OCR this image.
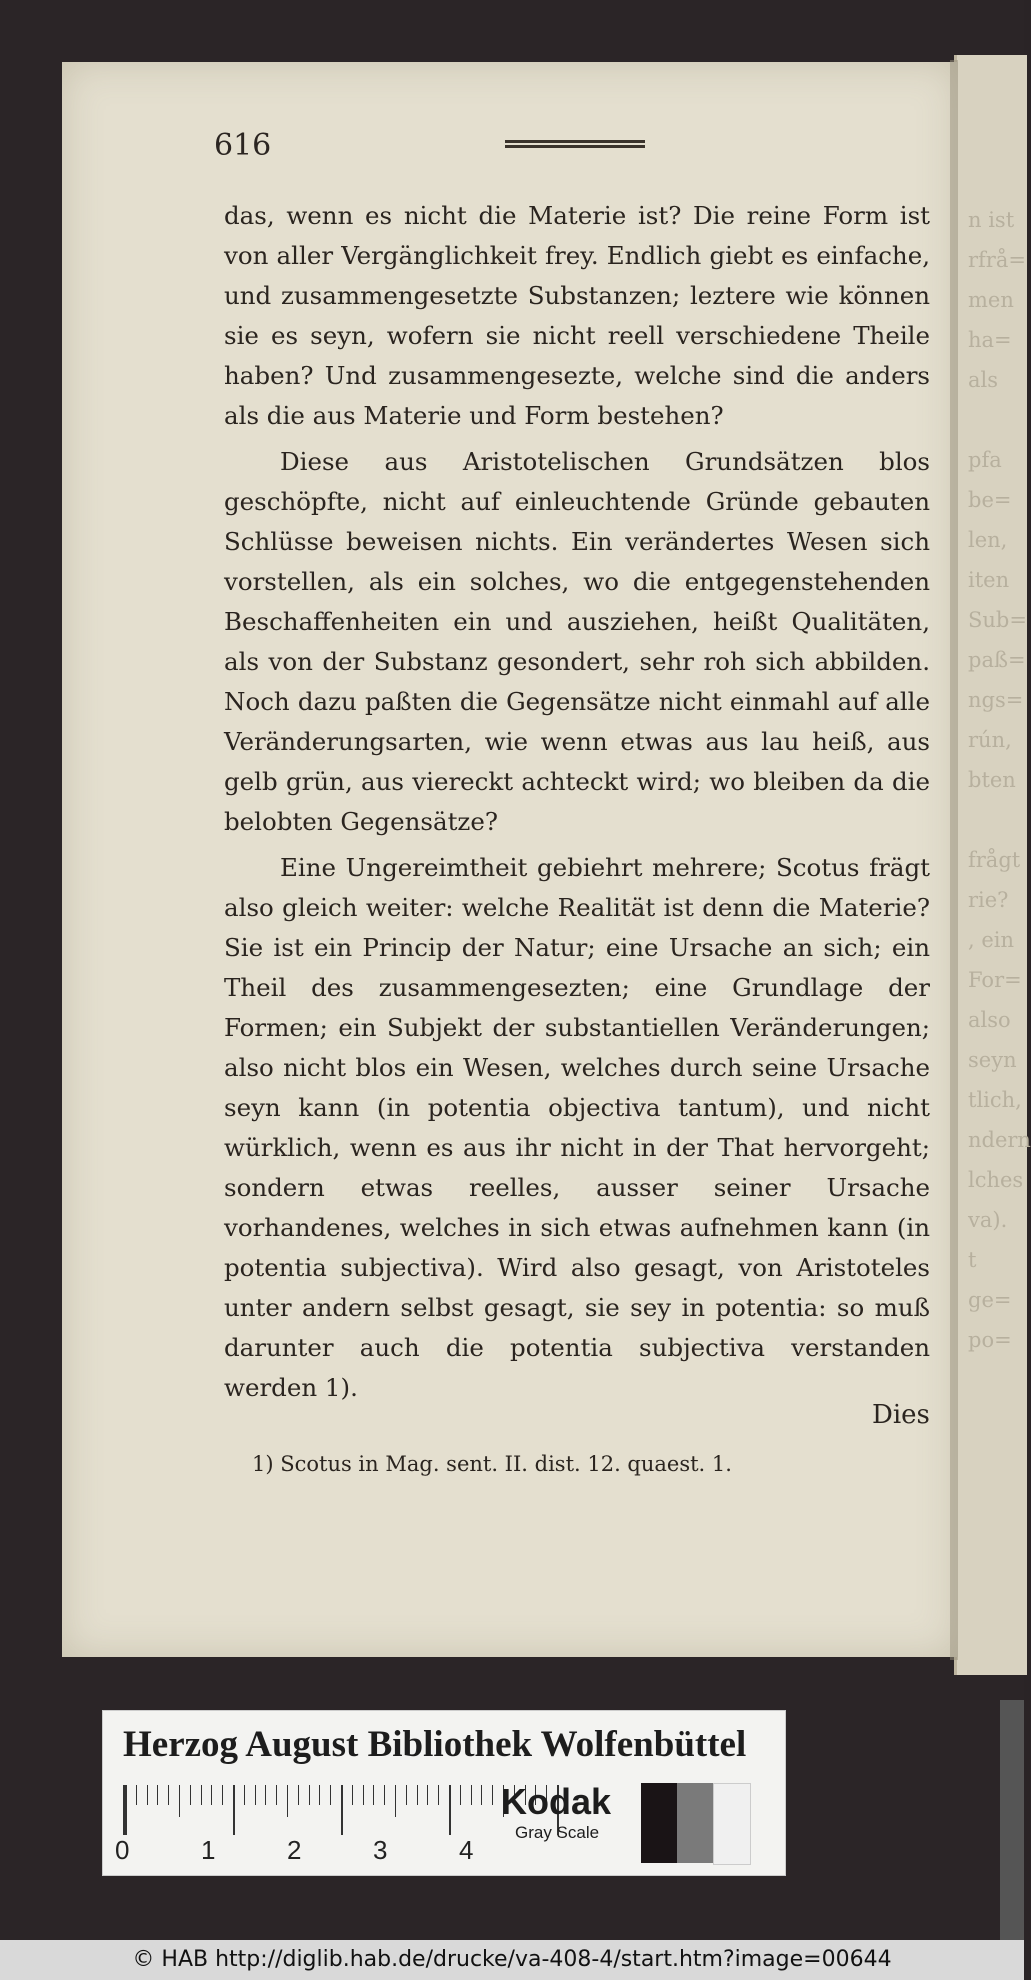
n ist
rfrå=
men
ha=
als

pfa
be=
len,
iten
Sub=
paß=
ngs=
rún,
bten

frågt
rie?
, ein
For=
also
seyn
tlich,
ndern
lches
va).
t ge=
po=
616

das, wenn es nicht die Materie ist? Die reine Form ist von aller Vergänglichkeit frey. Endlich giebt es einfache, und zusammengesetzte Substanzen; leztere wie können sie es seyn, wofern sie nicht reell verschiedene Theile haben? Und zusammengesezte, welche sind die anders als die aus Materie und Form bestehen?

Diese aus Aristotelischen Grundsätzen blos geschöpfte, nicht auf einleuchtende Gründe gebauten Schlüsse beweisen nichts. Ein verändertes Wesen sich vorstellen, als ein solches, wo die entgegenstehenden Beschaffenheiten ein und ausziehen, heißt Qualitäten, als von der Substanz gesondert, sehr roh sich abbilden. Noch dazu paßten die Gegensätze nicht einmahl auf alle Veränderungsarten, wie wenn etwas aus lau heiß, aus gelb grün, aus viereckt achteckt wird; wo bleiben da die belobten Gegensätze?

Eine Ungereimtheit gebiehrt mehrere; Scotus frägt also gleich weiter: welche Realität ist denn die Materie? Sie ist ein Princip der Natur; eine Ursache an sich; ein Theil des zusammengesezten; eine Grundlage der Formen; ein Subjekt der substantiellen Veränderungen; also nicht blos ein Wesen, welches durch seine Ursache seyn kann (in potentia objectiva tantum), und nicht würklich, wenn es aus ihr nicht in der That hervorgeht; sondern etwas reelles, ausser seiner Ursache vorhandenes, welches in sich etwas aufnehmen kann (in potentia subjectiva). Wird also gesagt, von Aristoteles unter andern selbst gesagt, sie sey in potentia: so muß darunter auch die potentia subjectiva verstanden werden 1).

Dies
1) Scotus in Mag. sent. II. dist. 12. quaest. 1.
Herzog August Bibliothek Wolfenbüttel
0	1	2	3	4
Kodak
Gray Scale
© HAB http://diglib.hab.de/drucke/va-408-4/start.htm?image=00644
